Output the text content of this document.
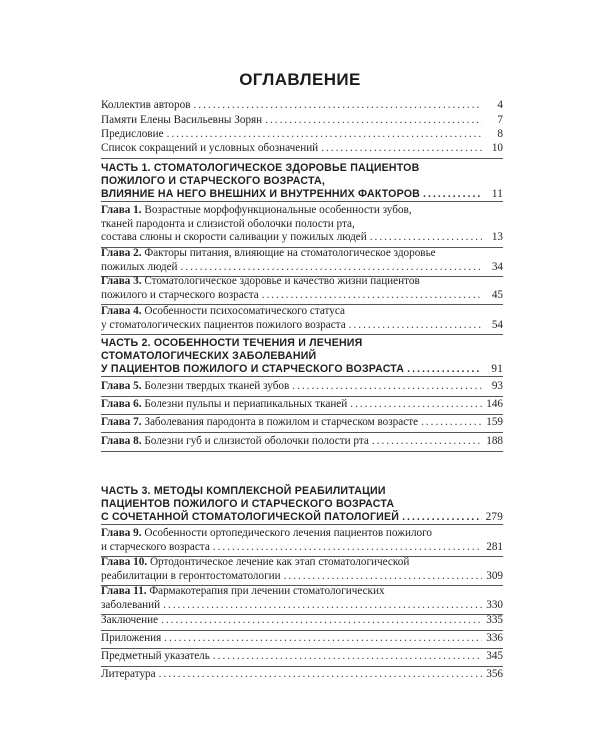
ОГЛАВЛЕНИЕ
Коллектив авторов .....	4
Памяти Елены Васильевны Зорян .....	7
Предисловие .....	8
Список сокращений и условных обозначений .....	10
ЧАСТЬ 1. СТОМАТОЛОГИЧЕСКОЕ ЗДОРОВЬЕ ПАЦИЕНТОВ
ПОЖИЛОГО И СТАРЧЕСКОГО ВОЗРАСТА,
ВЛИЯНИЕ НА НЕГО ВНЕШНИХ И ВНУТРЕННИХ ФАКТОРОВ .....	11
Глава 1. Возрастные морфофункциональные особенности зубов,
тканей пародонта и слизистой оболочки полости рта,
состава слюны и скорости саливации у пожилых людей .....	13
Глава 2. Факторы питания, влияющие на стоматологическое здоровье
пожилых людей .....	34
Глава 3. Стоматологическое здоровье и качество жизни пациентов
пожилого и старческого возраста .....	45
Глава 4. Особенности психосоматического статуса
у стоматологических пациентов пожилого возраста .....	54
ЧАСТЬ 2. ОСОБЕННОСТИ ТЕЧЕНИЯ И ЛЕЧЕНИЯ
СТОМАТОЛОГИЧЕСКИХ ЗАБОЛЕВАНИЙ
У ПАЦИЕНТОВ ПОЖИЛОГО И СТАРЧЕСКОГО ВОЗРАСТА .....	91
Глава 5. Болезни твердых тканей зубов .....	93
Глава 6. Болезни пульпы и периапикальных тканей .....	146
Глава 7. Заболевания пародонта в пожилом и старческом возрасте .....	159
Глава 8. Болезни губ и слизистой оболочки полости рта .....	188
ЧАСТЬ 3. МЕТОДЫ КОМПЛЕКСНОЙ РЕАБИЛИТАЦИИ
ПАЦИЕНТОВ ПОЖИЛОГО И СТАРЧЕСКОГО ВОЗРАСТА
С СОЧЕТАННОЙ СТОМАТОЛОГИЧЕСКОЙ ПАТОЛОГИЕЙ .....	279
Глава 9. Особенности ортопедического лечения пациентов пожилого
и старческого возраста .....	281
Глава 10. Ортодонтическое лечение как этап стоматологической
реабилитации в геронтостоматологии .....	309
Глава 11. Фармакотерапия при лечении стоматологических
заболеваний .....	330
Заключение .....	335
Приложения .....	336
Предметный указатель .....	345
Литература .....	356
